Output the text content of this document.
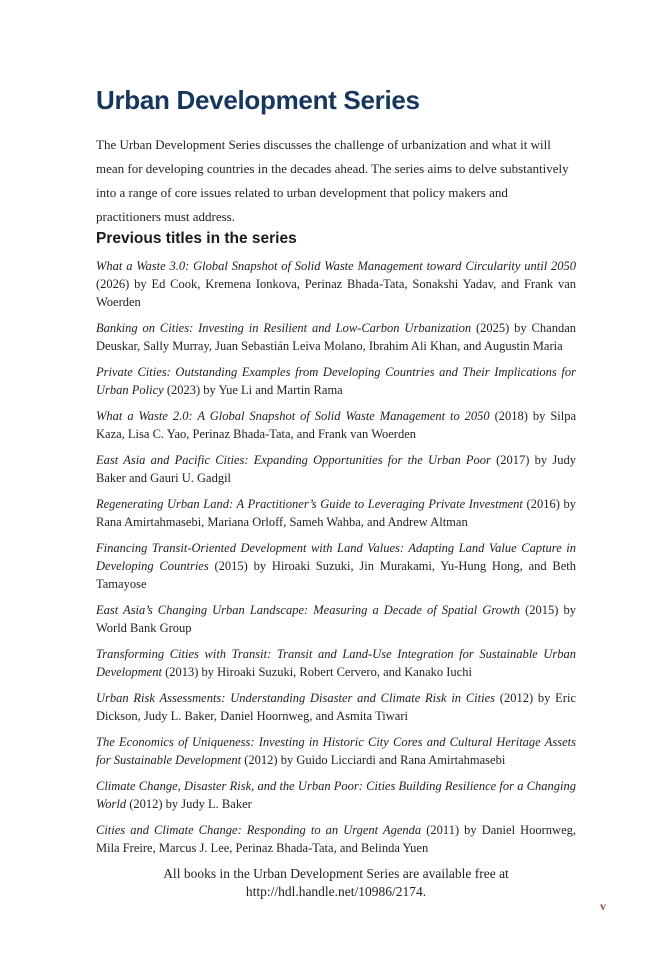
Urban Development Series

The Urban Development Series discusses the challenge of urbanization and what it will mean for developing countries in the decades ahead. The series aims to delve substantively into a range of core issues related to urban development that policy makers and practitioners must address.

Previous titles in the series

What a Waste 3.0: Global Snapshot of Solid Waste Management toward Circularity until 2050 (2026) by Ed Cook, Kremena Ionkova, Perinaz Bhada-Tata, Sonakshi Yadav, and Frank van Woerden

Banking on Cities: Investing in Resilient and Low-Carbon Urbanization (2025) by Chandan Deuskar, Sally Murray, Juan Sebastián Leiva Molano, Ibrahim Ali Khan, and Augustin Maria

Private Cities: Outstanding Examples from Developing Countries and Their Implications for Urban Policy (2023) by Yue Li and Martin Rama

What a Waste 2.0: A Global Snapshot of Solid Waste Management to 2050 (2018) by Silpa Kaza, Lisa C. Yao, Perinaz Bhada-Tata, and Frank van Woerden

East Asia and Pacific Cities: Expanding Opportunities for the Urban Poor (2017) by Judy Baker and Gauri U. Gadgil

Regenerating Urban Land: A Practitioner’s Guide to Leveraging Private Investment (2016) by Rana Amirtahmasebi, Mariana Orloff, Sameh Wahba, and Andrew Altman

Financing Transit-Oriented Development with Land Values: Adapting Land Value Capture in Developing Countries (2015) by Hiroaki Suzuki, Jin Murakami, Yu-Hung Hong, and Beth Tamayose

East Asia’s Changing Urban Landscape: Measuring a Decade of Spatial Growth (2015) by World Bank Group

Transforming Cities with Transit: Transit and Land-Use Integration for Sustainable Urban Development (2013) by Hiroaki Suzuki, Robert Cervero, and Kanako Iuchi

Urban Risk Assessments: Understanding Disaster and Climate Risk in Cities (2012) by Eric Dickson, Judy L. Baker, Daniel Hoornweg, and Asmita Tiwari

The Economics of Uniqueness: Investing in Historic City Cores and Cultural Heritage Assets for Sustainable Development (2012) by Guido Licciardi and Rana Amirtahmasebi

Climate Change, Disaster Risk, and the Urban Poor: Cities Building Resilience for a Changing World (2012) by Judy L. Baker

Cities and Climate Change: Responding to an Urgent Agenda (2011) by Daniel Hoornweg, Mila Freire, Marcus J. Lee, Perinaz Bhada-Tata, and Belinda Yuen

All books in the Urban Development Series are available free at
http://hdl.handle.net/10986/2174.
v
